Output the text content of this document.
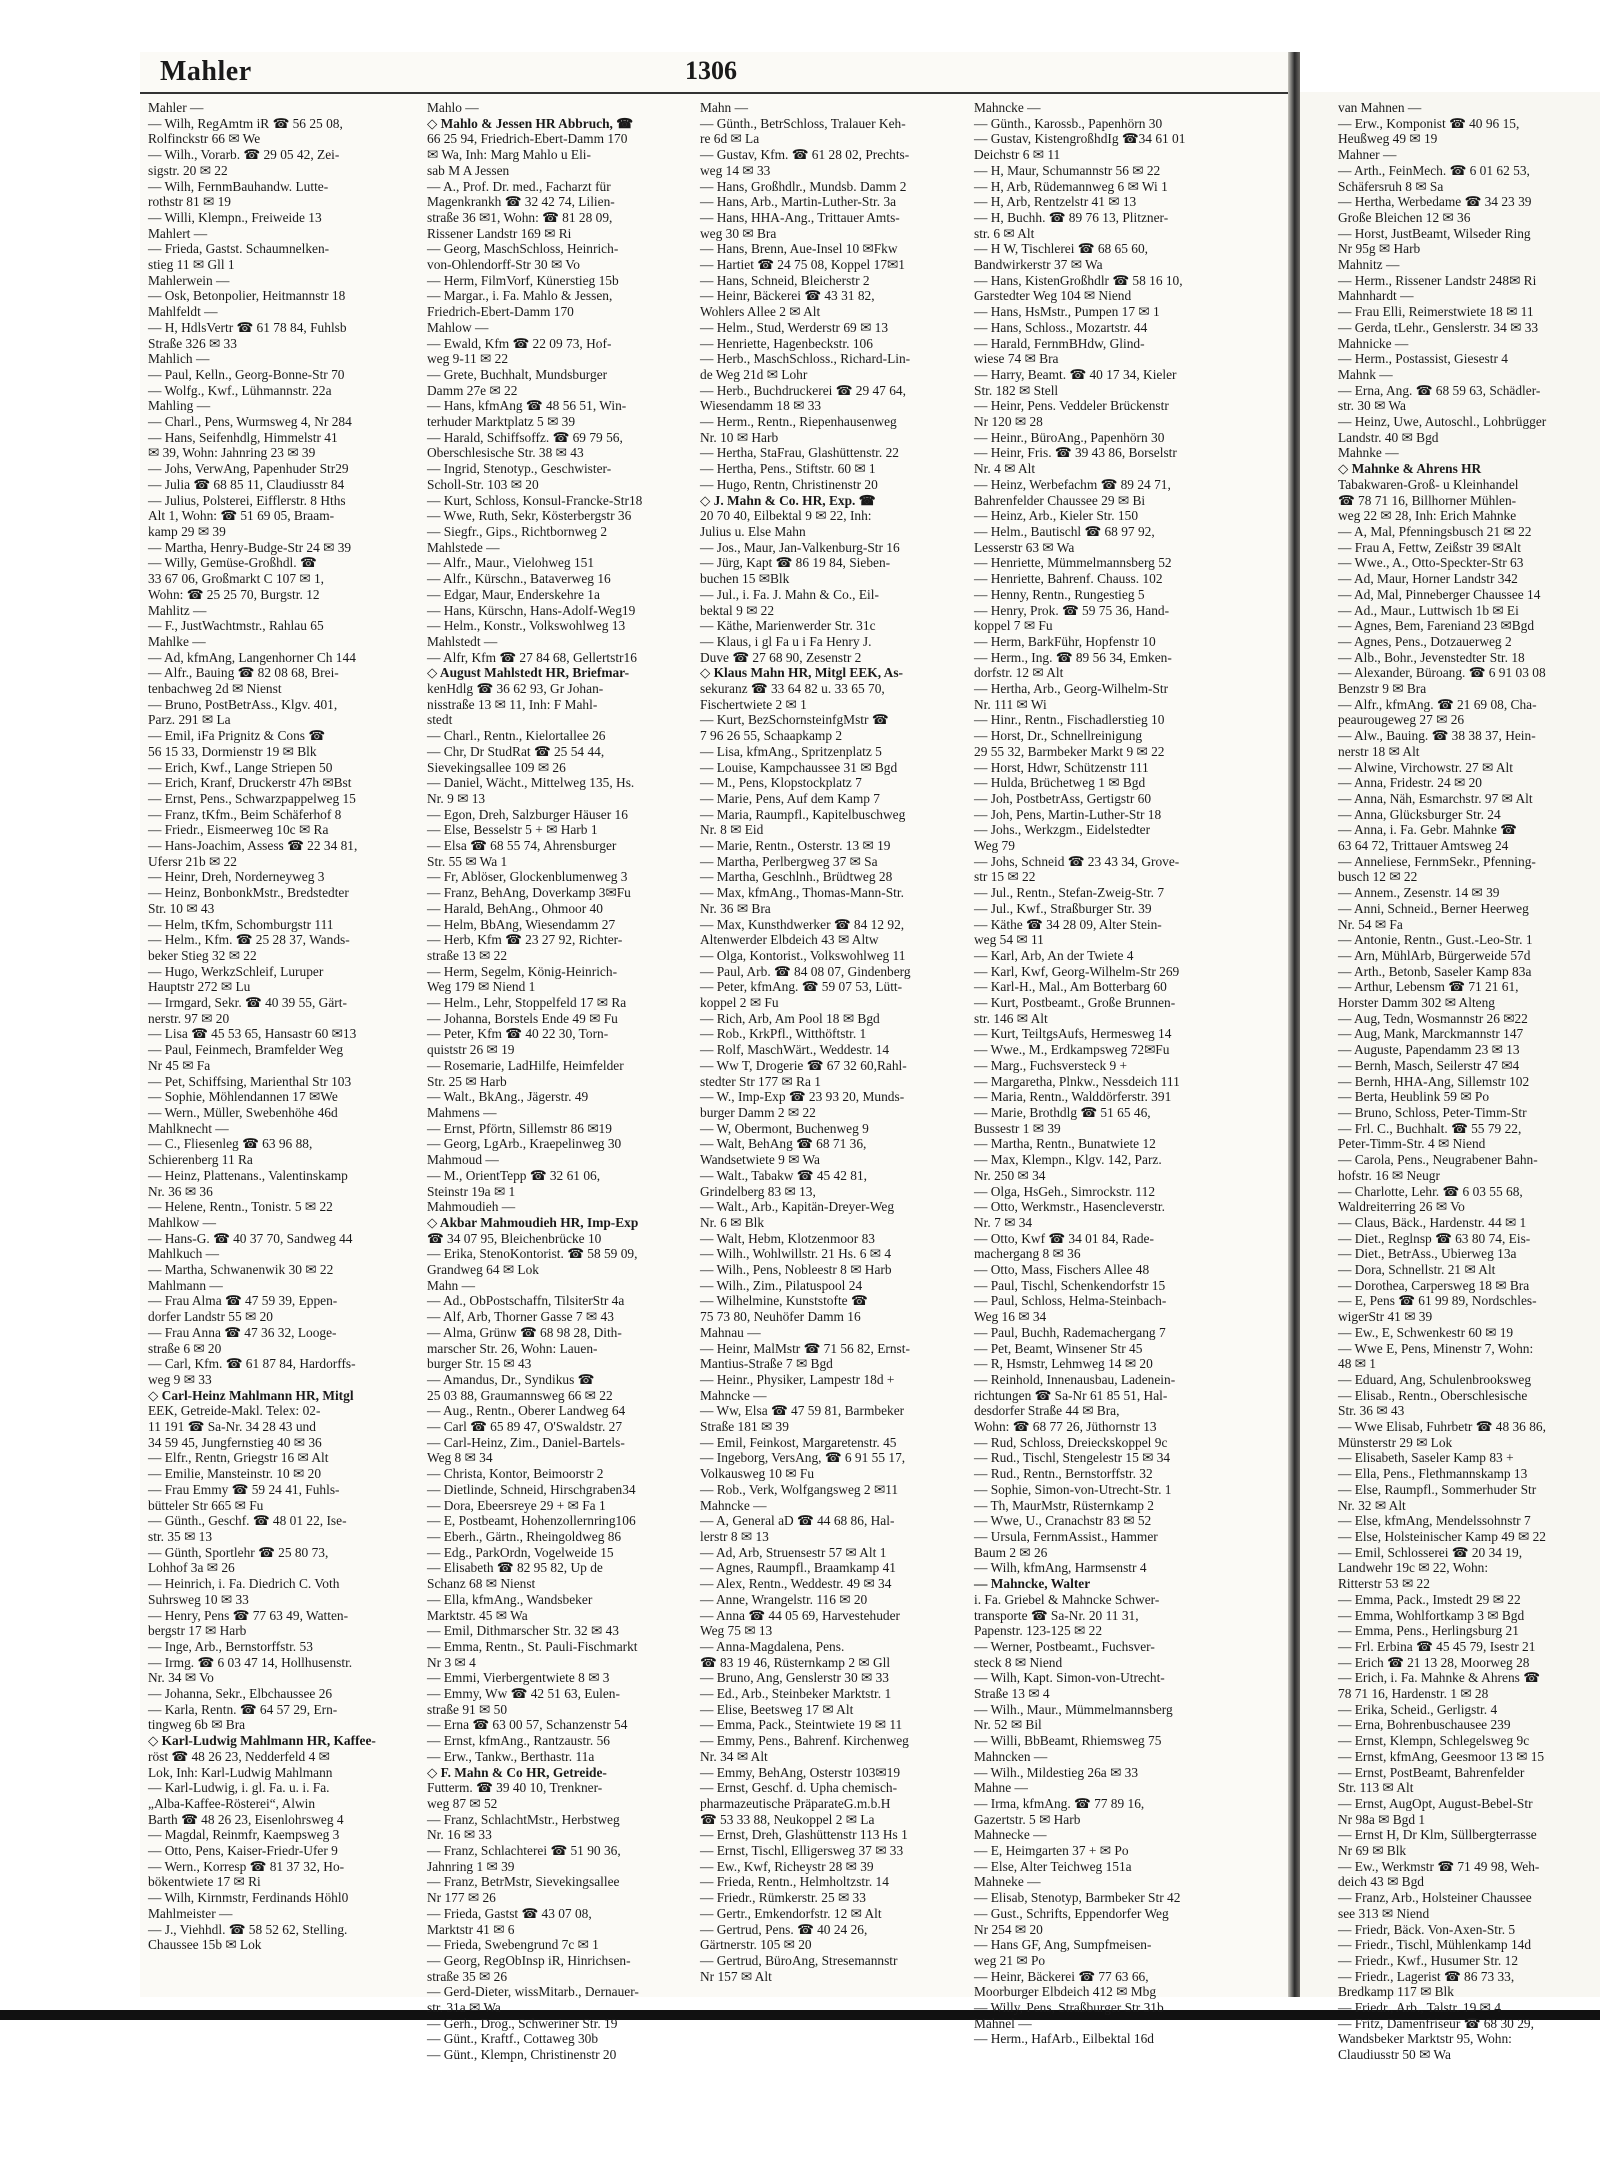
Mahler	1306
Mahler —
— Wilh, RegAmtm iR ☎ 56 25 08,
Rolfinckstr 66 ✉ We
— Wilh., Vorarb. ☎ 29 05 42, Zei-
sigstr. 20 ✉ 22
— Wilh, FernmBauhandw. Lutte-
rothstr 81 ✉ 19
— Willi, Klempn., Freiweide 13
Mahlert —
— Frieda, Gastst. Schaumnelken-
stieg 11 ✉ Gll 1
Mahlerwein —
— Osk, Betonpolier, Heitmannstr 18
Mahlfeldt —
— H, HdlsVertr ☎ 61 78 84, Fuhlsb
Straße 326 ✉ 33
Mahlich —
— Paul, Kelln., Georg-Bonne-Str 70
— Wolfg., Kwf., Lühmannstr. 22a
Mahling —
— Charl., Pens, Wurmsweg 4, Nr 284
— Hans, Seifenhdlg, Himmelstr 41
✉ 39, Wohn: Jahnring 23 ✉ 39
— Johs, VerwAng, Papenhuder Str29
— Julia ☎ 68 85 11, Claudiusstr 84
— Julius, Polsterei, Eifflerstr. 8 Hths
Alt 1, Wohn: ☎ 51 69 05, Braam-
kamp 29 ✉ 39
— Martha, Henry-Budge-Str 24 ✉ 39
— Willy, Gemüse-Großhdl. ☎
33 67 06, Großmarkt C 107 ✉ 1,
Wohn: ☎ 25 25 70, Burgstr. 12
Mahlitz —
— F., JustWachtmstr., Rahlau 65
Mahlke —
— Ad, kfmAng, Langenhorner Ch 144
— Alfr., Bauing ☎ 82 08 68, Brei-
tenbachweg 2d ✉ Nienst
— Bruno, PostBetrAss., Klgv. 401,
Parz. 291 ✉ La
— Emil, iFa Prignitz & Cons ☎
56 15 33, Dormienstr 19 ✉ Blk
— Erich, Kwf., Lange Striepen 50
— Erich, Kranf, Druckerstr 47h ✉Bst
— Ernst, Pens., Schwarzpappelweg 15
— Franz, tKfm., Beim Schäferhof 8
— Friedr., Eismeerweg 10c ✉ Ra
— Hans-Joachim, Assess ☎ 22 34 81,
Ufersr 21b ✉ 22
— Heinr, Dreh, Norderneyweg 3
— Heinz, BonbonkMstr., Bredstedter
Str. 10 ✉ 43
— Helm, tKfm, Schomburgstr 111
— Helm., Kfm. ☎ 25 28 37, Wands-
beker Stieg 32 ✉ 22
— Hugo, WerkzSchleif, Luruper
Hauptstr 272 ✉ Lu
— Irmgard, Sekr. ☎ 40 39 55, Gärt-
nerstr. 97 ✉ 20
— Lisa ☎ 45 53 65, Hansastr 60 ✉13
— Paul, Feinmech, Bramfelder Weg
Nr 45 ✉ Fa
— Pet, Schiffsing, Marienthal Str 103
— Sophie, Möhlendannen 17 ✉We
— Wern., Müller, Swebenhöhe 46d
Mahlknecht —
— C., Fliesenleg ☎ 63 96 88,
Schierenberg 11 Ra
— Heinz, Plattenans., Valentinskamp
Nr. 36 ✉ 36
— Helene, Rentn., Tonistr. 5 ✉ 22
Mahlkow —
— Hans-G. ☎ 40 37 70, Sandweg 44
Mahlkuch —
— Martha, Schwanenwik 30 ✉ 22
Mahlmann —
— Frau Alma ☎ 47 59 39, Eppen-
dorfer Landstr 55 ✉ 20
— Frau Anna ☎ 47 36 32, Looge-
straße 6 ✉ 20
— Carl, Kfm. ☎ 61 87 84, Hardorffs-
weg 9 ✉ 33
◇ Carl-Heinz Mahlmann HR, Mitgl
EEK, Getreide-Makl. Telex: 02-
11 191 ☎ Sa-Nr. 34 28 43 und
34 59 45, Jungfernstieg 40 ✉ 36
— Elfr., Rentn, Griegstr 16 ✉ Alt
— Emilie, Mansteinstr. 10 ✉ 20
— Frau Emmy ☎ 59 24 41, Fuhls-
bütteler Str 665 ✉ Fu
— Günth., Geschf. ☎ 48 01 22, Ise-
str. 35 ✉ 13
— Günth, Sportlehr ☎ 25 80 73,
Lohhof 3a ✉ 26
— Heinrich, i. Fa. Diedrich C. Voth
Suhrsweg 10 ✉ 33
— Henry, Pens ☎ 77 63 49, Watten-
bergstr 17 ✉ Harb
— Inge, Arb., Bernstorffstr. 53
— Irmg. ☎ 6 03 47 14, Hollhusenstr.
Nr. 34 ✉ Vo
— Johanna, Sekr., Elbchaussee 26
— Karla, Rentn. ☎ 64 57 29, Ern-
tingweg 6b ✉ Bra
◇ Karl-Ludwig Mahlmann HR, Kaffee-
röst ☎ 48 26 23, Nedderfeld 4 ✉
Lok, Inh: Karl-Ludwig Mahlmann
— Karl-Ludwig, i. gl. Fa. u. i. Fa.
„Alba-Kaffee-Rösterei“, Alwin
Barth ☎ 48 26 23, Eisenlohrsweg 4
— Magdal, Reinmfr, Kaempsweg 3
— Otto, Pens, Kaiser-Friedr-Ufer 9
— Wern., Korresp ☎ 81 37 32, Ho-
bökentwiete 17 ✉ Ri
— Wilh, Kirnmstr, Ferdinands Höhl0
Mahlmeister —
— J., Viehhdl. ☎ 58 52 62, Stelling.
Chaussee 15b ✉ Lok
Mahlo —
◇ Mahlo & Jessen HR Abbruch, ☎
66 25 94, Friedrich-Ebert-Damm 170
✉ Wa, Inh: Marg Mahlo u Eli-
sab M A Jessen
— A., Prof. Dr. med., Facharzt für
Magenkrankh ☎ 32 42 74, Lilien-
straße 36 ✉1, Wohn: ☎ 81 28 09,
Rissener Landstr 169 ✉ Ri
— Georg, MaschSchloss, Heinrich-
von-Ohlendorff-Str 30 ✉ Vo
— Herm, FilmVorf, Künerstieg 15b
— Margar., i. Fa. Mahlo & Jessen,
Friedrich-Ebert-Damm 170
Mahlow —
— Ewald, Kfm ☎ 22 09 73, Hof-
weg 9-11 ✉ 22
— Grete, Buchhalt, Mundsburger
Damm 27e ✉ 22
— Hans, kfmAng ☎ 48 56 51, Win-
terhuder Marktplatz 5 ✉ 39
— Harald, Schiffsoffz. ☎ 69 79 56,
Oberschlesische Str. 38 ✉ 43
— Ingrid, Stenotyp., Geschwister-
Scholl-Str. 103 ✉ 20
— Kurt, Schloss, Konsul-Francke-Str18
— Wwe, Ruth, Sekr, Kösterbergstr 36
— Siegfr., Gips., Richtbornweg 2
Mahlstede —
— Alfr., Maur., Vielohweg 151
— Alfr., Kürschn., Bataverweg 16
— Edgar, Maur, Enderskehre 1a
— Hans, Kürschn, Hans-Adolf-Weg19
— Helm., Konstr., Volkswohlweg 13
Mahlstedt —
— Alfr, Kfm ☎ 27 84 68, Gellertstr16
◇ August Mahlstedt HR, Briefmar-
kenHdlg ☎ 36 62 93, Gr Johan-
nisstraße 13 ✉ 11, Inh: F Mahl-
stedt
— Charl., Rentn., Kielortallee 26
— Chr, Dr StudRat ☎ 25 54 44,
Sievekingsallee 109 ✉ 26
— Daniel, Wächt., Mittelweg 135, Hs.
Nr. 9 ✉ 13
— Egon, Dreh, Salzburger Häuser 16
— Else, Besselstr 5 + ✉ Harb 1
— Elsa ☎ 68 55 74, Ahrensburger
Str. 55 ✉ Wa 1
— Fr, Ablöser, Glockenblumenweg 3
— Franz, BehAng, Doverkamp 3✉Fu
— Harald, BehAng., Ohmoor 40
— Helm, BbAng, Wiesendamm 27
— Herb, Kfm ☎ 23 27 92, Richter-
straße 13 ✉ 22
— Herm, Segelm, König-Heinrich-
Weg 179 ✉ Niend 1
— Helm., Lehr, Stoppelfeld 17 ✉ Ra
— Johanna, Borstels Ende 49 ✉ Fu
— Peter, Kfm ☎ 40 22 30, Torn-
quiststr 26 ✉ 19
— Rosemarie, LadHilfe, Heimfelder
Str. 25 ✉ Harb
— Walt., BkAng., Jägerstr. 49
Mahmens —
— Ernst, Pförtn, Sillemstr 86 ✉19
— Georg, LgArb., Kraepelinweg 30
Mahmoud —
— M., OrientTepp ☎ 32 61 06,
Steinstr 19a ✉ 1
Mahmoudieh —
◇ Akbar Mahmoudieh HR, Imp-Exp
☎ 34 07 95, Bleichenbrücke 10
— Erika, StenoKontorist. ☎ 58 59 09,
Grandweg 64 ✉ Lok
Mahn —
— Ad., ObPostschaffn, TilsiterStr 4a
— Alf, Arb, Thorner Gasse 7 ✉ 43
— Alma, Grünw ☎ 68 98 28, Dith-
marscher Str. 26, Wohn: Lauen-
burger Str. 15 ✉ 43
— Amandus, Dr., Syndikus ☎
25 03 88, Graumannsweg 66 ✉ 22
— Aug., Rentn., Oberer Landweg 64
— Carl ☎ 65 89 47, O'Swaldstr. 27
— Carl-Heinz, Zim., Daniel-Bartels-
Weg 8 ✉ 34
— Christa, Kontor, Beimoorstr 2
— Dietlinde, Schneid, Hirschgraben34
— Dora, Ebeersreye 29 + ✉ Fa 1
— E, Postbeamt, Hohenzollernring106
— Eberh., Gärtn., Rheingoldweg 86
— Edg., ParkOrdn, Vogelweide 15
— Elisabeth ☎ 82 95 82, Up de
Schanz 68 ✉ Nienst
— Ella, kfmAng., Wandsbeker
Marktstr. 45 ✉ Wa
— Emil, Dithmarscher Str. 32 ✉ 43
— Emma, Rentn., St. Pauli-Fischmarkt
Nr 3 ✉ 4
— Emmi, Vierbergentwiete 8 ✉ 3
— Emmy, Ww ☎ 42 51 63, Eulen-
straße 91 ✉ 50
— Erna ☎ 63 00 57, Schanzenstr 54
— Ernst, kfmAng., Rantzaustr. 56
— Erw., Tankw., Berthastr. 11a
◇ F. Mahn & Co HR, Getreide-
Futterm. ☎ 39 40 10, Trenkner-
weg 87 ✉ 52
— Franz, SchlachtMstr., Herbstweg
Nr. 16 ✉ 33
— Franz, Schlachterei ☎ 51 90 36,
Jahnring 1 ✉ 39
— Franz, BetrMstr, Sievekingsallee
Nr 177 ✉ 26
— Frieda, Gastst ☎ 43 07 08,
Marktstr 41 ✉ 6
— Frieda, Swebengrund 7c ✉ 1
— Georg, RegObInsp iR, Hinrichsen-
straße 35 ✉ 26
— Gerd-Dieter, wissMitarb., Dernauer-
str. 31a ✉ Wa
— Gerh., Drog., Schweriner Str. 19
— Günt., Kraftf., Cottaweg 30b
— Günt., Klempn, Christinenstr 20
Mahn —
— Günth., BetrSchloss, Tralauer Keh-
re 6d ✉ La
— Gustav, Kfm. ☎ 61 28 02, Prechts-
weg 14 ✉ 33
— Hans, Großhdlr., Mundsb. Damm 2
— Hans, Arb., Martin-Luther-Str. 3a
— Hans, HHA-Ang., Trittauer Amts-
weg 30 ✉ Bra
— Hans, Brenn, Aue-Insel 10 ✉Fkw
— Hartiet ☎ 24 75 08, Koppel 17✉1
— Hans, Schneid, Bleicherstr 2
— Heinr, Bäckerei ☎ 43 31 82,
Wohlers Allee 2 ✉ Alt
— Helm., Stud, Werderstr 69 ✉ 13
— Henriette, Hagenbeckstr. 106
— Herb., MaschSchloss., Richard-Lin-
de Weg 21d ✉ Lohr
— Herb., Buchdruckerei ☎ 29 47 64,
Wiesendamm 18 ✉ 33
— Herm., Rentn., Riepenhausenweg
Nr. 10 ✉ Harb
— Hertha, StaFrau, Glashüttenstr. 22
— Hertha, Pens., Stiftstr. 60 ✉ 1
— Hugo, Rentn, Christinenstr 20
◇ J. Mahn & Co. HR, Exp. ☎
20 70 40, Eilbektal 9 ✉ 22, Inh:
Julius u. Else Mahn
— Jos., Maur, Jan-Valkenburg-Str 16
— Jürg, Kapt ☎ 86 19 84, Sieben-
buchen 15 ✉Blk
— Jul., i. Fa. J. Mahn & Co., Eil-
bektal 9 ✉ 22
— Käthe, Marienwerder Str. 31c
— Klaus, i gl Fa u i Fa Henry J.
Duve ☎ 27 68 90, Zesenstr 2
◇ Klaus Mahn HR, Mitgl EEK, As-
sekuranz ☎ 33 64 82 u. 33 65 70,
Fischertwiete 2 ✉ 1
— Kurt, BezSchornsteinfgMstr ☎
7 96 26 55, Schaapkamp 2
— Lisa, kfmAng., Spritzenplatz 5
— Louise, Kampchaussee 31 ✉ Bgd
— M., Pens, Klopstockplatz 7
— Marie, Pens, Auf dem Kamp 7
— Maria, Raumpfl., Kapitelbuschweg
Nr. 8 ✉ Eid
— Marie, Rentn., Osterstr. 13 ✉ 19
— Martha, Perlbergweg 37 ✉ Sa
— Martha, Geschlnh., Brüdtweg 28
— Max, kfmAng., Thomas-Mann-Str.
Nr. 36 ✉ Bra
— Max, Kunsthdwerker ☎ 84 12 92,
Altenwerder Elbdeich 43 ✉ Altw
— Olga, Kontorist., Volkswohlweg 11
— Paul, Arb. ☎ 84 08 07, Gindenberg
— Peter, kfmAng. ☎ 59 07 53, Lütt-
koppel 2 ✉ Fu
— Rich, Arb, Am Pool 18 ✉ Bgd
— Rob., KrkPfl., Witthöftstr. 1
— Rolf, MaschWärt., Weddestr. 14
— Ww T, Drogerie ☎ 67 32 60,Rahl-
stedter Str 177 ✉ Ra 1
— W., Imp-Exp ☎ 23 93 20, Munds-
burger Damm 2 ✉ 22
— W, Obermont, Buchenweg 9
— Walt, BehAng ☎ 68 71 36,
Wandsetwiete 9 ✉ Wa
— Walt., Tabakw ☎ 45 42 81,
Grindelberg 83 ✉ 13,
— Walt., Arb., Kapitän-Dreyer-Weg
Nr. 6 ✉ Blk
— Walt, Hebm, Klotzenmoor 83
— Wilh., Wohlwillstr. 21 Hs. 6 ✉ 4
— Wilh., Pens, Nobleestr 8 ✉ Harb
— Wilh., Zim., Pilatuspool 24
— Wilhelmine, Kunststofte ☎
75 73 80, Neuhöfer Damm 16
Mahnau —
— Heinr, MalMstr ☎ 71 56 82, Ernst-
Mantius-Straße 7 ✉ Bgd
— Heinr., Physiker, Lampestr 18d +
Mahncke —
— Ww, Elsa ☎ 47 59 81, Barmbeker
Straße 181 ✉ 39
— Emil, Feinkost, Margaretenstr. 45
— Ingeborg, VersAng, ☎ 6 91 55 17,
Volkausweg 10 ✉ Fu
— Rob., Verk, Wolfgangsweg 2 ✉11
Mahncke —
— A, General aD ☎ 44 68 86, Hal-
lerstr 8 ✉ 13
— Ad, Arb, Struensestr 57 ✉ Alt 1
— Agnes, Raumpfl., Braamkamp 41
— Alex, Rentn., Weddestr. 49 ✉ 34
— Anne, Wrangelstr. 116 ✉ 20
— Anna ☎ 44 05 69, Harvestehuder
Weg 75 ✉ 13
— Anna-Magdalena, Pens.
☎ 83 19 46, Rüsternkamp 2 ✉ Gll
— Bruno, Ang, Genslerstr 30 ✉ 33
— Ed., Arb., Steinbeker Marktstr. 1
— Elise, Beetsweg 17 ✉ Alt
— Emma, Pack., Steintwiete 19 ✉ 11
— Emmy, Pens., Bahrenf. Kirchenweg
Nr. 34 ✉ Alt
— Emmy, BehAng, Osterstr 103✉19
— Ernst, Geschf. d. Upha chemisch-
pharmazeutische PräparateG.m.b.H
☎ 53 33 88, Neukoppel 2 ✉ La
— Ernst, Dreh, Glashüttenstr 113 Hs 1
— Ernst, Tischl, Elligersweg 37 ✉ 33
— Ew., Kwf, Richeystr 28 ✉ 39
— Frieda, Rentn., Helmholtzstr. 14
— Friedr., Rümkerstr. 25 ✉ 33
— Gertr., Emkendorfstr. 12 ✉ Alt
— Gertrud, Pens. ☎ 40 24 26,
Gärtnerstr. 105 ✉ 20
— Gertrud, BüroAng, Stresemannstr
Nr 157 ✉ Alt
Mahncke —
— Günth., Karossb., Papenhörn 30
— Gustav, KistengroßhdIg ☎34 61 01
Deichstr 6 ✉ 11
— H, Maur, Schumannstr 56 ✉ 22
— H, Arb, Rüdemannweg 6 ✉ Wi 1
— H, Arb, Rentzelstr 41 ✉ 13
— H, Buchh. ☎ 89 76 13, Plitzner-
str. 6 ✉ Alt
— H W, Tischlerei ☎ 68 65 60,
Bandwirkerstr 37 ✉ Wa
— Hans, KistenGroßhdlr ☎ 58 16 10,
Garstedter Weg 104 ✉ Niend
— Hans, HsMstr., Pumpen 17 ✉ 1
— Hans, Schloss., Mozartstr. 44
— Harald, FernmBHdw, Glind-
wiese 74 ✉ Bra
— Harry, Beamt. ☎ 40 17 34, Kieler
Str. 182 ✉ Stell
— Heinr, Pens. Veddeler Brückenstr
Nr 120 ✉ 28
— Heinr., BüroAng., Papenhörn 30
— Heinr, Fris. ☎ 39 43 86, Borselstr
Nr. 4 ✉ Alt
— Heinz, Werbefachm ☎ 89 24 71,
Bahrenfelder Chaussee 29 ✉ Bi
— Heinz, Arb., Kieler Str. 150
— Helm., Bautischl ☎ 68 97 92,
Lesserstr 63 ✉ Wa
— Henriette, Mümmelmannsberg 52
— Henriette, Bahrenf. Chauss. 102
— Henny, Rentn., Rungestieg 5
— Henry, Prok. ☎ 59 75 36, Hand-
koppel 7 ✉ Fu
— Herm, BarkFühr, Hopfenstr 10
— Herm., Ing. ☎ 89 56 34, Emken-
dorfstr. 12 ✉ Alt
— Hertha, Arb., Georg-Wilhelm-Str
Nr. 111 ✉ Wi
— Hinr., Rentn., Fischadlerstieg 10
— Horst, Dr., Schnellreinigung
29 55 32, Barmbeker Markt 9 ✉ 22
— Horst, Hdwr, Schützenstr 111
— Hulda, Brüchetweg 1 ✉ Bgd
— Joh, PostbetrAss, Gertigstr 60
— Joh, Pens, Martin-Luther-Str 18
— Johs., Werkzgm., Eidelstedter
Weg 79
— Johs, Schneid ☎ 23 43 34, Grove-
str 15 ✉ 22
— Jul., Rentn., Stefan-Zweig-Str. 7
— Jul., Kwf., Straßburger Str. 39
— Käthe ☎ 34 28 09, Alter Stein-
weg 54 ✉ 11
— Karl, Arb, An der Twiete 4
— Karl, Kwf, Georg-Wilhelm-Str 269
— Karl-H., Mal., Am Botterbarg 60
— Kurt, Postbeamt., Große Brunnen-
str. 146 ✉ Alt
— Kurt, TeiltgsAufs, Hermesweg 14
— Wwe., M., Erdkampsweg 72✉Fu
— Marg., Fuchsversteck 9 +
— Margaretha, Plnkw., Nessdeich 111
— Maria, Rentn., Walddörferstr. 391
— Marie, Brothdlg ☎ 51 65 46,
Bussestr 1 ✉ 39
— Martha, Rentn., Bunatwiete 12
— Max, Klempn., Klgv. 142, Parz.
Nr. 250 ✉ 34
— Olga, HsGeh., Simrockstr. 112
— Otto, Werkmstr., Hasencleverstr.
Nr. 7 ✉ 34
— Otto, Kwf ☎ 34 01 84, Rade-
machergang 8 ✉ 36
— Otto, Mass, Fischers Allee 48
— Paul, Tischl, Schenkendorfstr 15
— Paul, Schloss, Helma-Steinbach-
Weg 16 ✉ 34
— Paul, Buchh, Rademachergang 7
— Pet, Beamt, Winsener Str 45
— R, Hsmstr, Lehmweg 14 ✉ 20
— Reinhold, Innenausbau, Ladenein-
richtungen ☎ Sa-Nr 61 85 51, Hal-
desdorfer Straße 44 ✉ Bra,
Wohn: ☎ 68 77 26, Jüthornstr 13
— Rud, Schloss, Dreieckskoppel 9c
— Rud., Tischl, Stengelestr 15 ✉ 34
— Rud., Rentn., Bernstorffstr. 32
— Sophie, Simon-von-Utrecht-Str. 1
— Th, MaurMstr, Rüsternkamp 2
— Wwe, U., Cranachstr 83 ✉ 52
— Ursula, FernmAssist., Hammer
Baum 2 ✉ 26
— Wilh, kfmAng, Harmsenstr 4
— Mahncke, Walter
i. Fa. Griebel & Mahncke Schwer-
transporte ☎ Sa-Nr. 20 11 31,
Papenstr. 123-125 ✉ 22
— Werner, Postbeamt., Fuchsver-
steck 8 ✉ Niend
— Wilh, Kapt. Simon-von-Utrecht-
Straße 13 ✉ 4
— Wilh., Maur., Mümmelmannsberg
Nr. 52 ✉ Bil
— Willi, BbBeamt, Rhiemsweg 75
Mahncken —
— Wilh., Mildestieg 26a ✉ 33
Mahne —
— Irma, kfmAng. ☎ 77 89 16,
Gazertstr. 5 ✉ Harb
Mahnecke —
— E, Heimgarten 37 + ✉ Po
— Else, Alter Teichweg 151a
Mahneke —
— Elisab, Stenotyp, Barmbeker Str 42
— Gust., Schrifts, Eppendorfer Weg
Nr 254 ✉ 20
— Hans GF, Ang, Sumpfmeisen-
weg 21 ✉ Po
— Heinr, Bäckerei ☎ 77 63 66,
Moorburger Elbdeich 412 ✉ Mbg
— Willy, Pens, Straßburger Str 31b
Mahnel —
— Herm., HafArb., Eilbektal 16d
van Mahnen —
— Erw., Komponist ☎ 40 96 15,
Heußweg 49 ✉ 19
Mahner —
— Arth., FeinMech. ☎ 6 01 62 53,
Schäfersruh 8 ✉ Sa
— Hertha, Werbedame ☎ 34 23 39
Große Bleichen 12 ✉ 36
— Horst, JustBeamt, Wilseder Ring
Nr 95g ✉ Harb
Mahnitz —
— Herm., Rissener Landstr 248✉ Ri
Mahnhardt —
— Frau Elli, Reimerstwiete 18 ✉ 11
— Gerda, tLehr., Genslerstr. 34 ✉ 33
Mahnicke —
— Herm., Postassist, Giesestr 4
Mahnk —
— Erna, Ang. ☎ 68 59 63, Schädler-
str. 30 ✉ Wa
— Heinz, Uwe, Autoschl., Lohbrügger
Landstr. 40 ✉ Bgd
Mahnke —
◇ Mahnke & Ahrens HR
Tabakwaren-Groß- u Kleinhandel
☎ 78 71 16, Billhorner Mühlen-
weg 22 ✉ 28, Inh: Erich Mahnke
— A, Mal, Pfenningsbusch 21 ✉ 22
— Frau A, Fettw, Zeißstr 39 ✉Alt
— Wwe., A., Otto-Speckter-Str 63
— Ad, Maur, Horner Landstr 342
— Ad, Mal, Pinneberger Chaussee 14
— Ad., Maur., Luttwisch 1b ✉ Ei
— Agnes, Bem, Fareniand 23 ✉Bgd
— Agnes, Pens., Dotzauerweg 2
— Alb., Bohr., Jevenstedter Str. 18
— Alexander, Büroang. ☎ 6 91 03 08
Benzstr 9 ✉ Bra
— Alfr., kfmAng. ☎ 21 69 08, Cha-
peaurougeweg 27 ✉ 26
— Alw., Bauing. ☎ 38 38 37, Hein-
nerstr 18 ✉ Alt
— Alwine, Virchowstr. 27 ✉ Alt
— Anna, Fridestr. 24 ✉ 20
— Anna, Näh, Esmarchstr. 97 ✉ Alt
— Anna, Glücksburger Str. 24
— Anna, i. Fa. Gebr. Mahnke ☎
63 64 72, Trittauer Amtsweg 24
— Anneliese, FernmSekr., Pfenning-
busch 12 ✉ 22
— Annem., Zesenstr. 14 ✉ 39
— Anni, Schneid., Berner Heerweg
Nr. 54 ✉ Fa
— Antonie, Rentn., Gust.-Leo-Str. 1
— Arn, MühlArb, Bürgerweide 57d
— Arth., Betonb, Saseler Kamp 83a
— Arthur, Lebensm ☎ 71 21 61,
Horster Damm 302 ✉ Alteng
— Aug, Tedn, Wosmannstr 26 ✉22
— Aug, Mank, Marckmannstr 147
— Auguste, Papendamm 23 ✉ 13
— Bernh, Masch, Seilerstr 47 ✉4
— Bernh, HHA-Ang, Sillemstr 102
— Berta, Heublink 59 ✉ Po
— Bruno, Schloss, Peter-Timm-Str
— Frl. C., Buchhalt. ☎ 55 79 22,
Peter-Timm-Str. 4 ✉ Niend
— Carola, Pens., Neugrabener Bahn-
hofstr. 16 ✉ Neugr
— Charlotte, Lehr. ☎ 6 03 55 68,
Waldreiterring 26 ✉ Vo
— Claus, Bäck., Hardenstr. 44 ✉ 1
— Diet., Reglnsp ☎ 63 80 74, Eis-
— Diet., BetrAss., Ubierweg 13a
— Dora, Schnellstr. 21 ✉ Alt
— Dorothea, Carpersweg 18 ✉ Bra
— E, Pens ☎ 61 99 89, Nordschles-
wigerStr 41 ✉ 39
— Ew., E, Schwenkestr 60 ✉ 19
— Wwe E, Pens, Minenstr 7, Wohn:
48 ✉ 1
— Eduard, Ang, Schulenbrooksweg
— Elisab., Rentn., Oberschlesische
Str. 36 ✉ 43
— Wwe Elisab, Fuhrbetr ☎ 48 36 86,
Münsterstr 29 ✉ Lok
— Elisabeth, Saseler Kamp 83 +
— Ella, Pens., Flethmannskamp 13
— Else, Raumpfl., Sommerhuder Str
Nr. 32 ✉ Alt
— Else, kfmAng, Mendelssohnstr 7
— Else, Holsteinischer Kamp 49 ✉ 22
— Emil, Schlosserei ☎ 20 34 19,
Landwehr 19c ✉ 22, Wohn:
Ritterstr 53 ✉ 22
— Emma, Pack., Imstedt 29 ✉ 22
— Emma, Wohlfortkamp 3 ✉ Bgd
— Emma, Pens., Herlingsburg 21
— Frl. Erbina ☎ 45 45 79, Isestr 21
— Erich ☎ 21 13 28, Moorweg 28
— Erich, i. Fa. Mahnke & Ahrens ☎
78 71 16, Hardenstr. 1 ✉ 28
— Erika, Scheid., Gerligstr. 4
— Erna, Bohrenbuschausee 239
— Ernst, Klempn, Schlegelsweg 9c
— Ernst, kfmAng, Geesmoor 13 ✉ 15
— Ernst, PostBeamt, Bahrenfelder
Str. 113 ✉ Alt
— Ernst, AugOpt, August-Bebel-Str
Nr 98a ✉ Bgd 1
— Ernst H, Dr Klm, Süllbergterrasse
Nr 69 ✉ Blk
— Ew., Werkmstr ☎ 71 49 98, Weh-
deich 43 ✉ Bgd
— Franz, Arb., Holsteiner Chaussee
see 313 ✉ Niend
— Friedr, Bäck. Von-Axen-Str. 5
— Friedr., Tischl, Mühlenkamp 14d
— Friedr., Kwf., Husumer Str. 12
— Friedr., Lagerist ☎ 86 73 33,
Bredkamp 117 ✉ Blk
— Friedr., Arb., Talstr. 19 ✉ 4
— Fritz, Damenfriseur ☎ 68 30 29,
Wandsbeker Marktstr 95, Wohn:
Claudiusstr 50 ✉ Wa
